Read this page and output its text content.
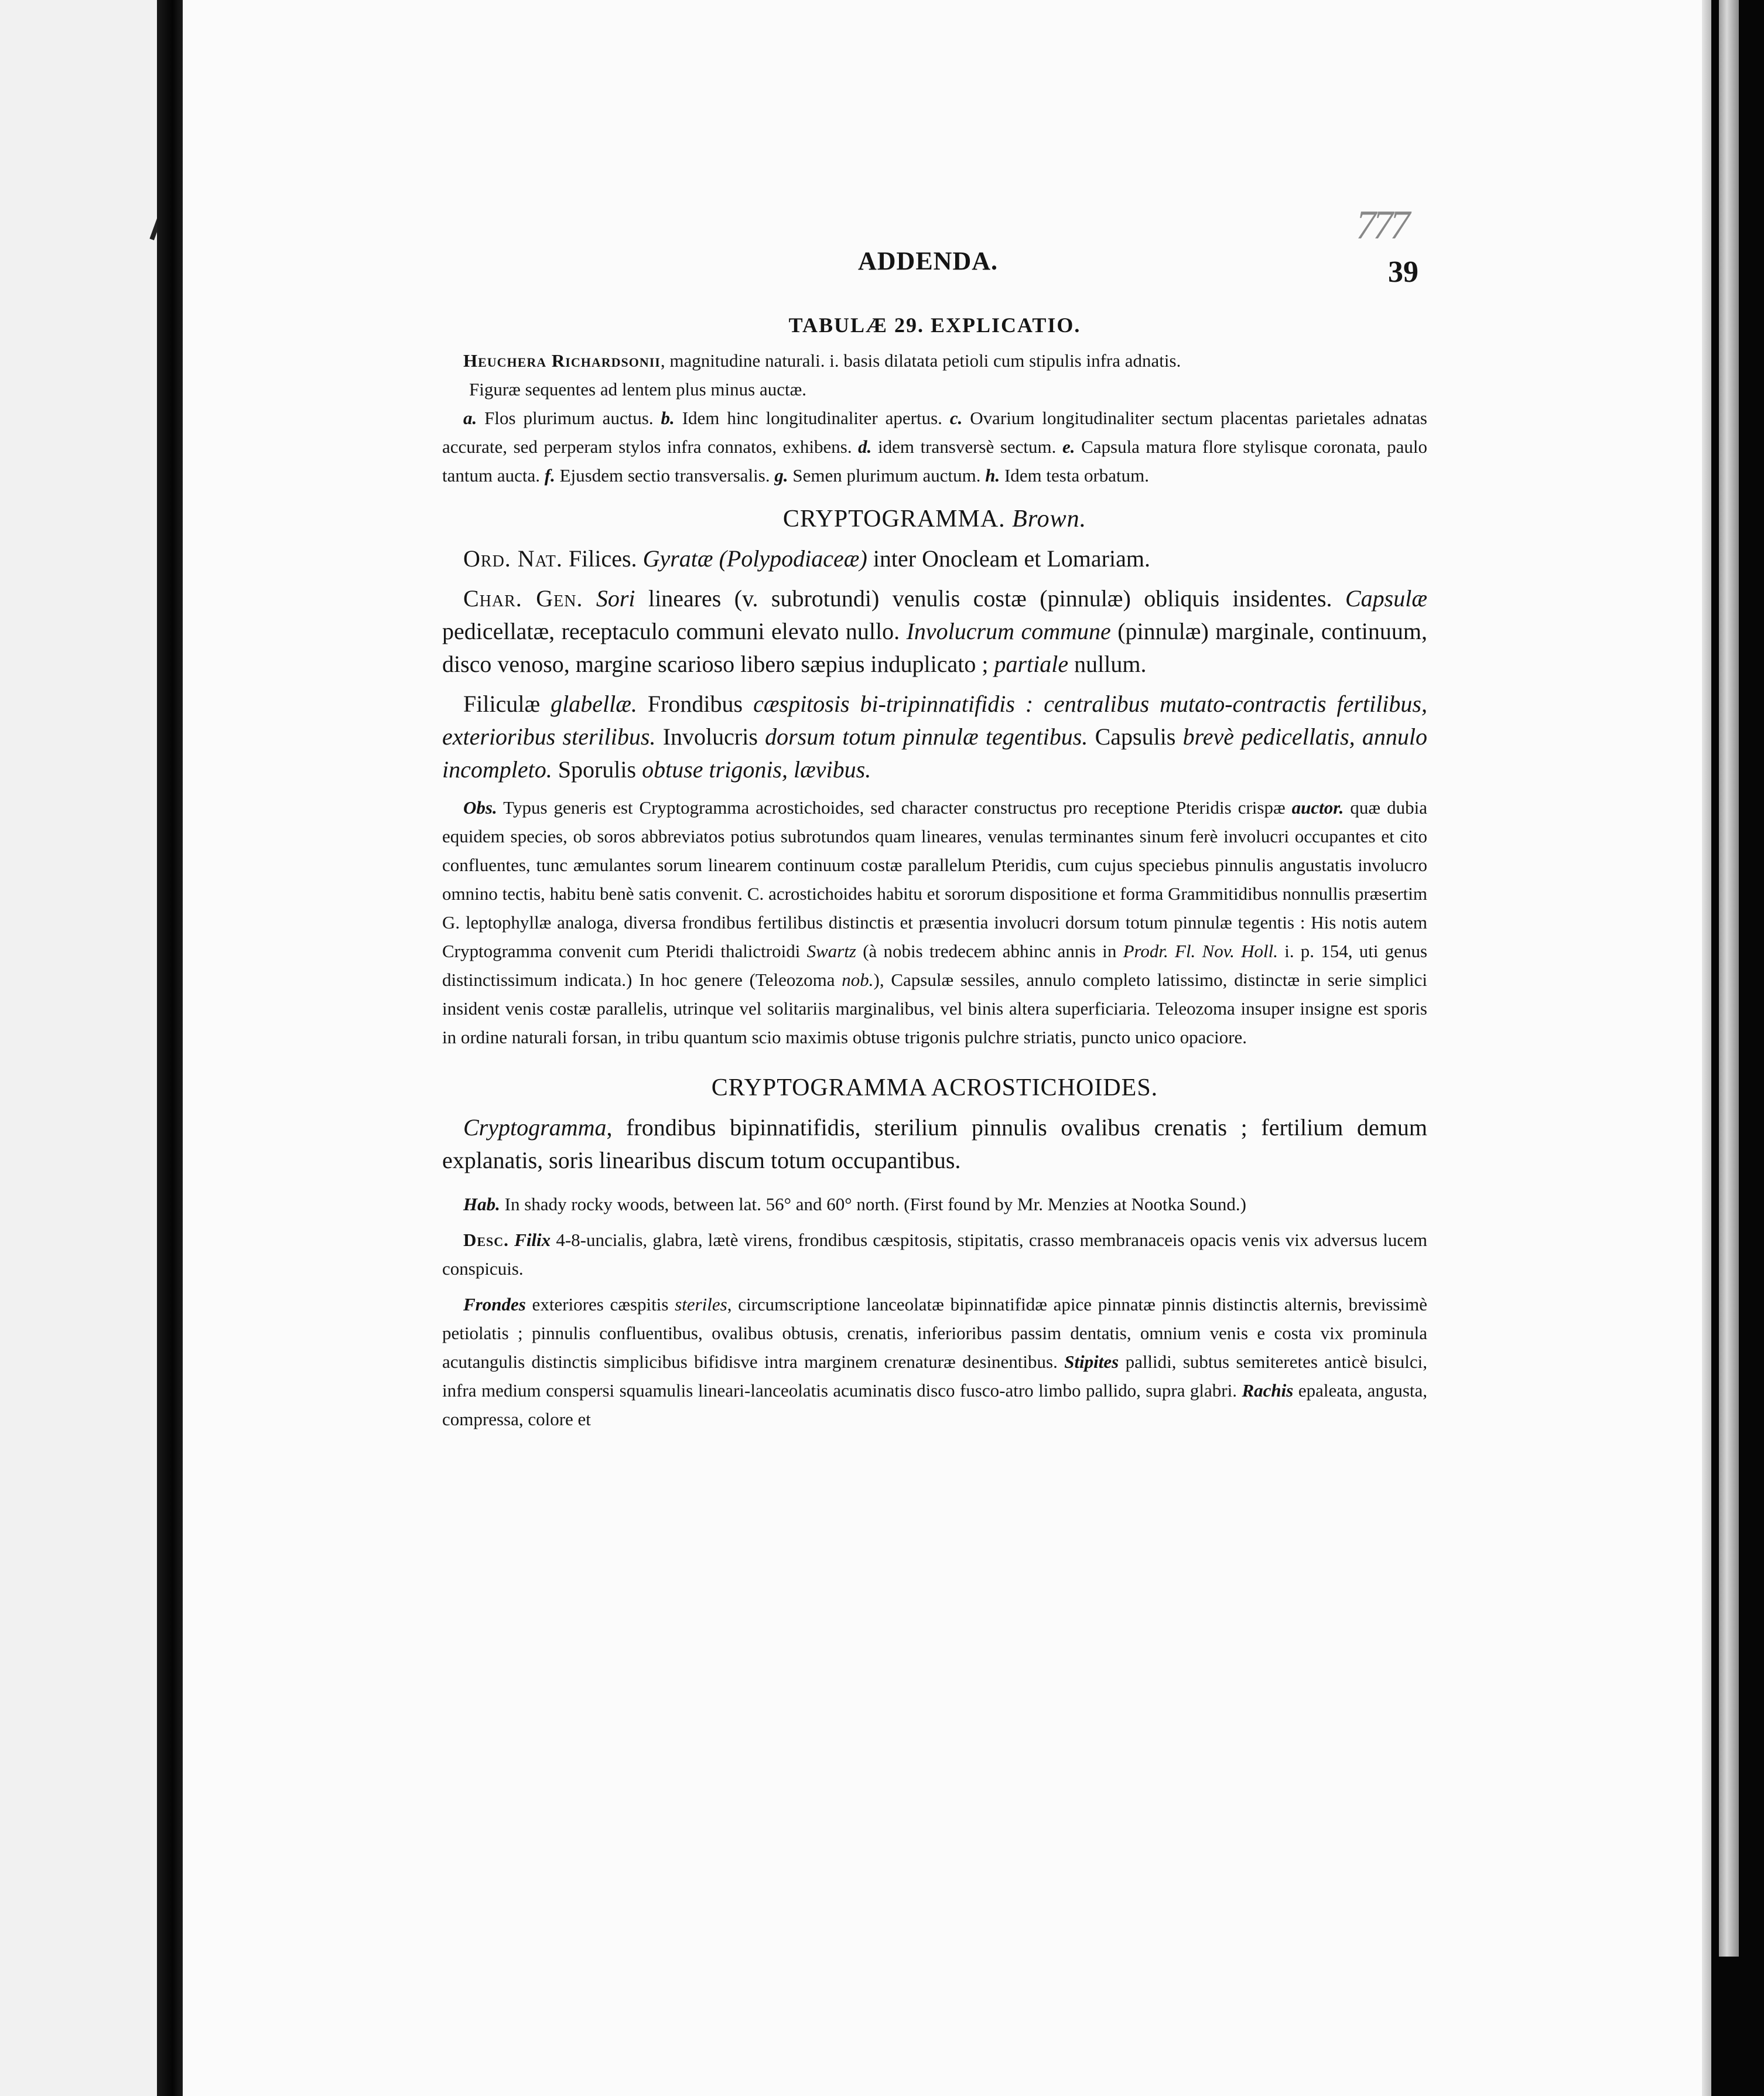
777
ADDENDA.	39
TABULÆ 29. EXPLICATIO.

Heuchera Richardsonii, magnitudine naturali. i. basis dilatata petioli cum stipulis infra adnatis.

Figuræ sequentes ad lentem plus minus auctæ.

a. Flos plurimum auctus. b. Idem hinc longitudinaliter apertus. c. Ovarium longitudinaliter sectum placentas parietales adnatas accurate, sed perperam stylos infra connatos, exhibens. d. idem transversè sectum. e. Capsula matura flore stylisque coronata, paulo tantum aucta. f. Ejusdem sectio transversalis. g. Semen plurimum auctum. h. Idem testa orbatum.

CRYPTOGRAMMA. Brown.

Ord. Nat. Filices. Gyratæ (Polypodiaceæ) inter Onocleam et Lomariam.

Char. Gen. Sori lineares (v. subrotundi) venulis costæ (pinnulæ) obliquis insidentes. Capsulæ pedicellatæ, receptaculo communi elevato nullo. Involucrum commune (pinnulæ) marginale, continuum, disco venoso, margine scarioso libero sæpius induplicato ; partiale nullum.

Filiculæ glabellæ. Frondibus cæspitosis bi-tripinnatifidis : centralibus mutato-contractis fertilibus, exterioribus sterilibus. Involucris dorsum totum pinnulæ tegentibus. Capsulis brevè pedicellatis, annulo incompleto. Sporulis obtuse trigonis, lævibus.

Obs. Typus generis est Cryptogramma acrostichoides, sed character constructus pro receptione Pteridis crispæ auctor. quæ dubia equidem species, ob soros abbreviatos potius subrotundos quam lineares, venulas terminantes sinum ferè involucri occupantes et cito confluentes, tunc æmulantes sorum linearem continuum costæ parallelum Pteridis, cum cujus speciebus pinnulis angustatis involucro omnino tectis, habitu benè satis convenit. C. acrostichoides habitu et sororum dispositione et forma Grammitidibus nonnullis præsertim G. leptophyllæ analoga, diversa frondibus fertilibus distinctis et præsentia involucri dorsum totum pinnulæ tegentis : His notis autem Cryptogramma convenit cum Pteridi thalictroidi Swartz (à nobis tredecem abhinc annis in Prodr. Fl. Nov. Holl. i. p. 154, uti genus distinctissimum indicata.) In hoc genere (Teleozoma nob.), Capsulæ sessiles, annulo completo latissimo, distinctæ in serie simplici insident venis costæ parallelis, utrinque vel solitariis marginalibus, vel binis altera superficiaria. Teleozoma insuper insigne est sporis in ordine naturali forsan, in tribu quantum scio maximis obtuse trigonis pulchre striatis, puncto unico opaciore.

CRYPTOGRAMMA ACROSTICHOIDES.

Cryptogramma, frondibus bipinnatifidis, sterilium pinnulis ovalibus crenatis ; fertilium demum explanatis, soris linearibus discum totum occupantibus.

Hab. In shady rocky woods, between lat. 56° and 60° north. (First found by Mr. Menzies at Nootka Sound.)

Desc. Filix 4-8-uncialis, glabra, lætè virens, frondibus cæspitosis, stipitatis, crasso membranaceis opacis venis vix adversus lucem conspicuis.

Frondes exteriores cæspitis steriles, circumscriptione lanceolatæ bipinnatifidæ apice pinnatæ pinnis distinctis alternis, brevissimè petiolatis ; pinnulis confluentibus, ovalibus obtusis, crenatis, inferioribus passim dentatis, omnium venis e costa vix prominula acutangulis distinctis simplicibus bifidisve intra marginem crenaturæ desinentibus. Stipites pallidi, subtus semiteretes anticè bisulci, infra medium conspersi squamulis lineari-lanceolatis acuminatis disco fusco-atro limbo pallido, supra glabri. Rachis epaleata, angusta, compressa, colore et
